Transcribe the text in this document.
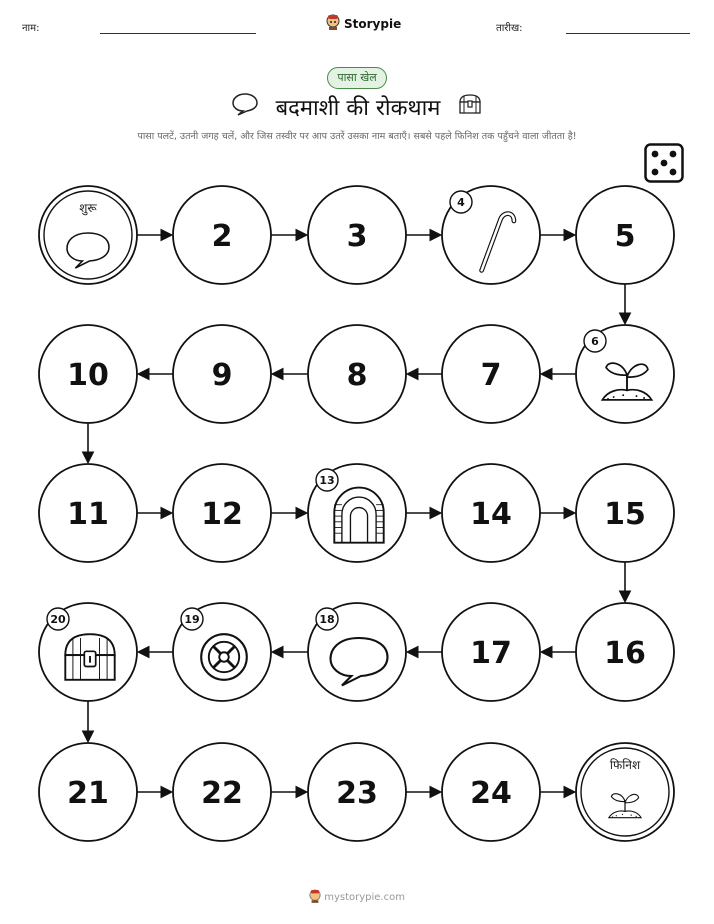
नाम:	Storypie	तारीख:
पासा खेल
बदमाशी की रोकथाम
पासा पलटें, उतनी जगह चलें, और जिस तस्वीर पर आप उतरें उसका नाम बताएँ। सबसे पहले फिनिश तक पहुँचने वाला जीतता है!
शुरू
2	3
4
5
6
7
8
9
10
11	12
13
14	15
16
17
18
19
20
21	22	23	24
फिनिश
mystorypie.com
